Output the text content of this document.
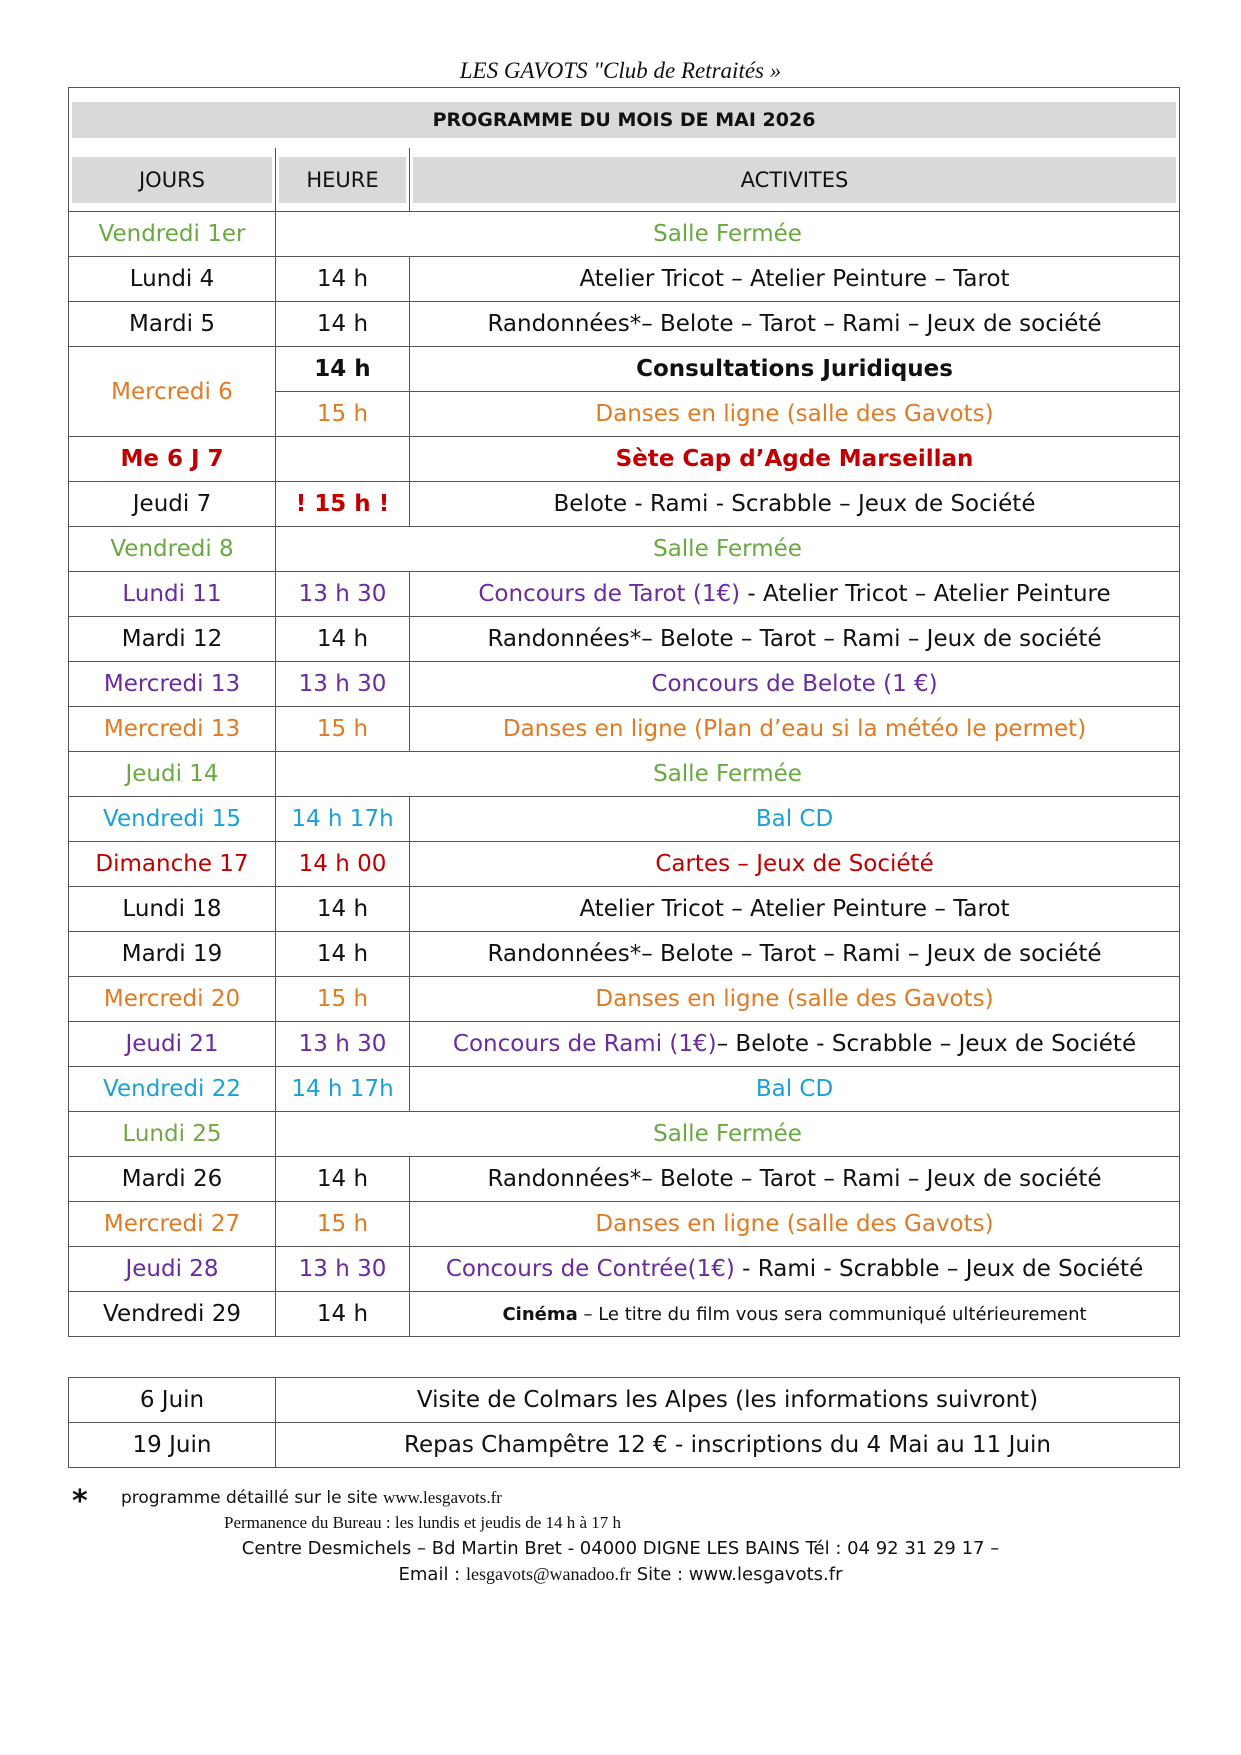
LES GAVOTS "Club de Retraités »
PROGRAMME DU MOIS DE MAI 2026		

JOURS	HEURE	ACTIVITES

Vendredi 1er	Salle Fermée	
Lundi 4	14 h	Atelier Tricot – Atelier Peinture – Tarot
Mardi 5	14 h	Randonnées*– Belote – Tarot – Rami – Jeux de société
Mercredi 6	14 h	Consultations Juridiques
	15 h	Danses en ligne (salle des Gavots)
Me 6 J 7		Sète Cap d’Agde Marseillan
Jeudi 7	! 15 h !	Belote - Rami - Scrabble – Jeux de Société
Vendredi 8	Salle Fermée	
Lundi 11	13 h 30	Concours de Tarot (1€) - Atelier Tricot – Atelier Peinture
Mardi 12	14 h	Randonnées*– Belote – Tarot – Rami – Jeux de société
Mercredi 13	13 h 30	Concours de Belote (1 €)
Mercredi 13	15 h	Danses en ligne (Plan d’eau si la météo le permet)
Jeudi 14	Salle Fermée	
Vendredi 15	14 h 17h	Bal CD
Dimanche 17	14 h 00	Cartes – Jeux de Société
Lundi 18	14 h	Atelier Tricot – Atelier Peinture – Tarot
Mardi 19	14 h	Randonnées*– Belote – Tarot – Rami – Jeux de société
Mercredi 20	15 h	Danses en ligne (salle des Gavots)
Jeudi 21	13 h 30	Concours de Rami (1€)– Belote - Scrabble – Jeux de Société
Vendredi 22	14 h 17h	Bal CD
Lundi 25	Salle Fermée	
Mardi 26	14 h	Randonnées*– Belote – Tarot – Rami – Jeux de société
Mercredi 27	15 h	Danses en ligne (salle des Gavots)
Jeudi 28	13 h 30	Concours de Contrée(1€) - Rami - Scrabble – Jeux de Société
Vendredi 29	14 h	Cinéma – Le titre du film vous sera communiqué ultérieurement
6 Juin	Visite de Colmars les Alpes (les informations suivront)
19 Juin	Repas Champêtre 12 € - inscriptions du 4 Mai au 11 Juin
* programme détaillé sur le site www.lesgavots.fr
Permanence du Bureau : les lundis et jeudis de 14 h à 17 h
Centre Desmichels – Bd Martin Bret - 04000 DIGNE LES BAINS Tél : 04 92 31 29 17 –
Email : lesgavots@wanadoo.fr Site : www.lesgavots.fr
